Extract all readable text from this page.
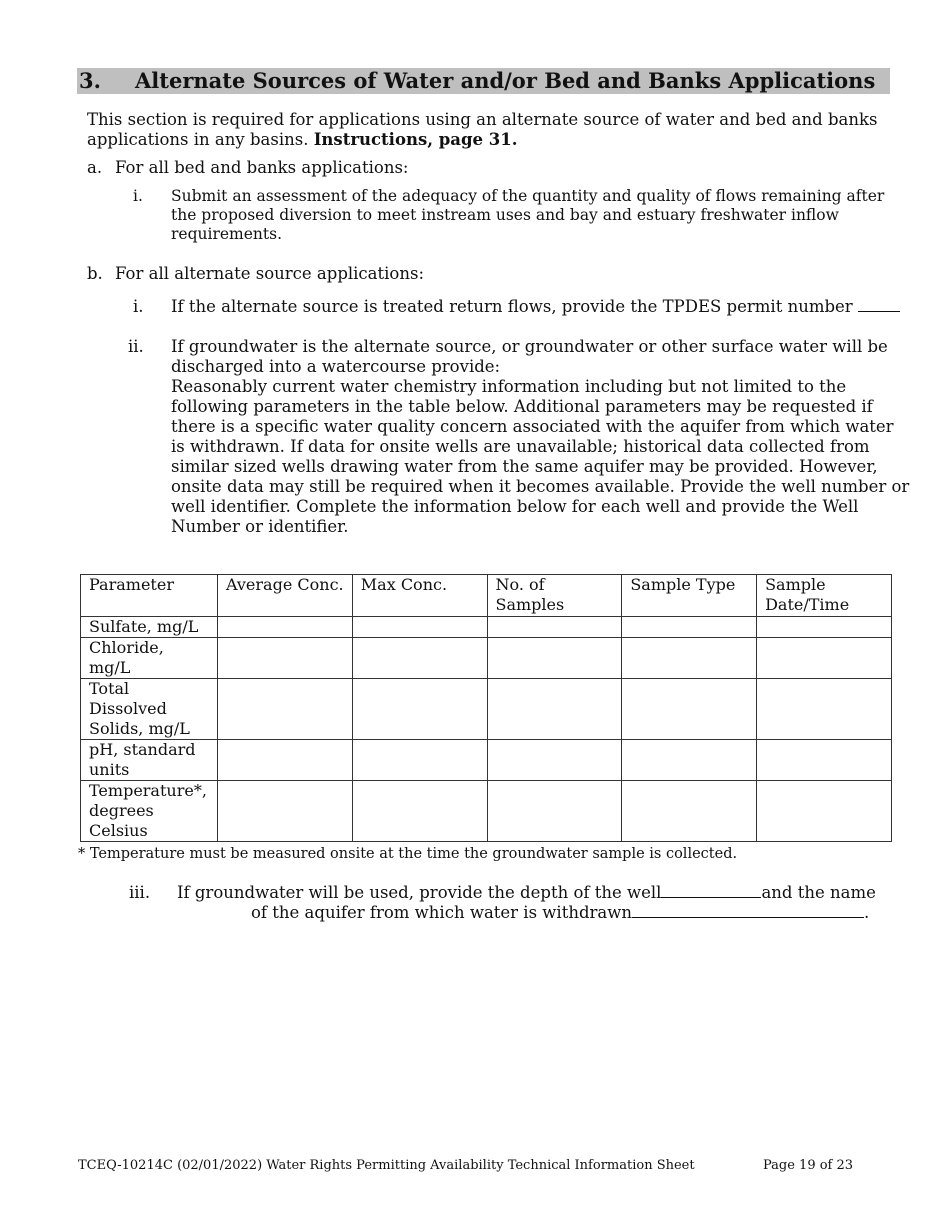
3. Alternate Sources of Water and/or Bed and Banks Applications
This section is required for applications using an alternate source of water and bed and banks applications in any basins. Instructions, page 31.
a. For all bed and banks applications:
i. Submit an assessment of the adequacy of the quantity and quality of flows remaining after the proposed diversion to meet instream uses and bay and estuary freshwater inflow requirements.
b. For all alternate source applications:
i. If the alternate source is treated return flows, provide the TPDES permit number
ii. If groundwater is the alternate source, or groundwater or other surface water will be discharged into a watercourse provide:
Reasonably current water chemistry information including but not limited to the following parameters in the table below. Additional parameters may be requested if there is a specific water quality concern associated with the aquifer from which water is withdrawn. If data for onsite wells are unavailable; historical data collected from similar sized wells drawing water from the same aquifer may be provided. However, onsite data may still be required when it becomes available. Provide the well number or well identifier. Complete the information below for each well and provide the Well Number or identifier.
Parameter	Average Conc.	Max Conc.	No. of Samples	Sample Type	Sample Date/Time
Sulfate, mg/L					
Chloride, mg/L					
Total Dissolved Solids, mg/L					
pH, standard units					
Temperature*, degrees Celsius					
* Temperature must be measured onsite at the time the groundwater sample is collected.
iii. If groundwater will be used, provide the depth of the well	and the name
of the aquifer from which water is withdrawn	.
TCEQ-10214C (02/01/2022) Water Rights Permitting Availability Technical Information Sheet	Page 19 of 23
